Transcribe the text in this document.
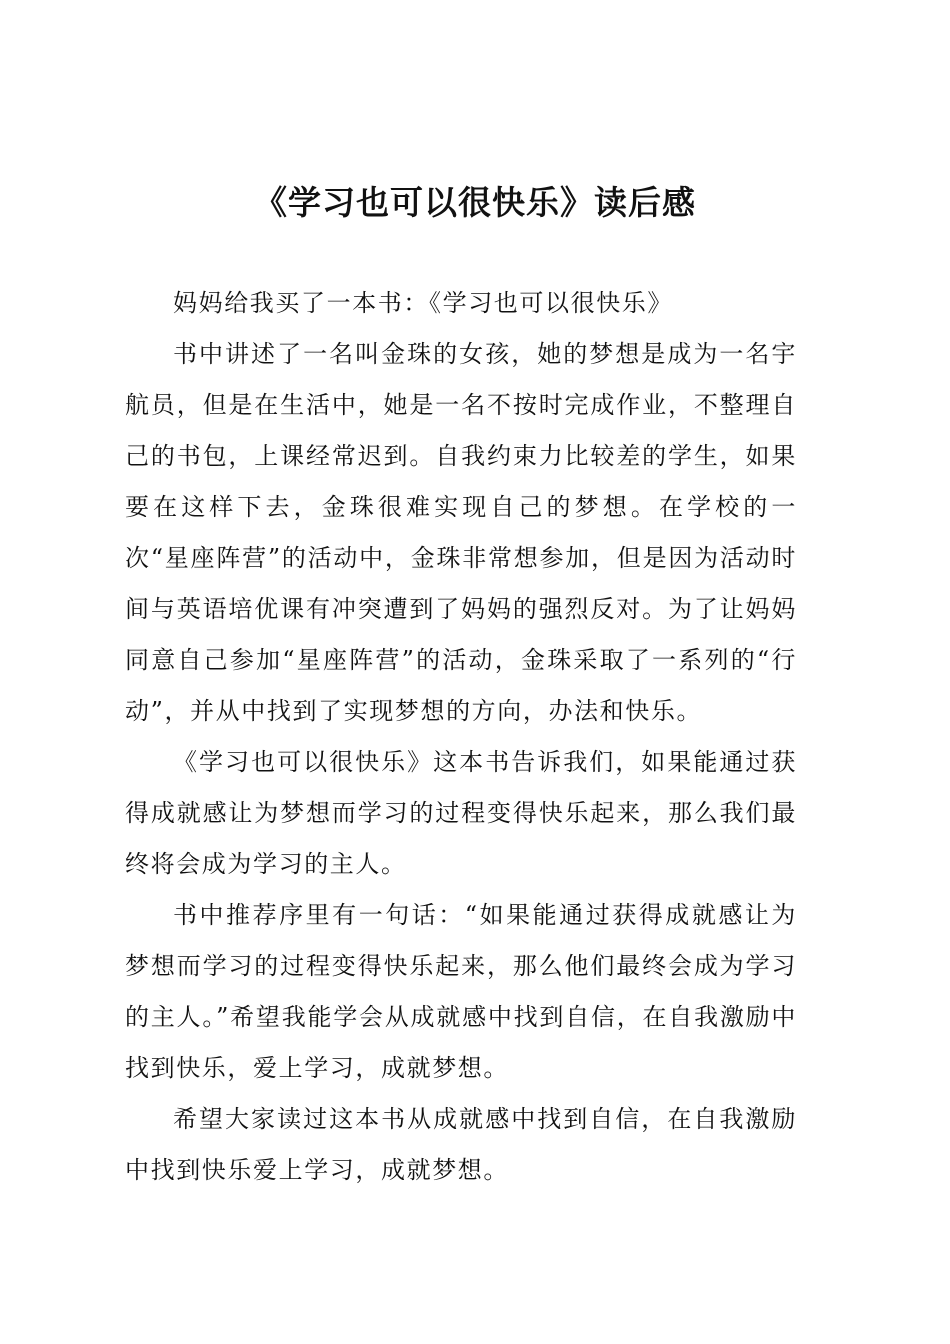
《学习也可以很快乐》读后感

妈妈给我买了一本书：《学习也可以很快乐》

书中讲述了一名叫金珠的女孩，她的梦想是成为一名宇航员，但是在生活中，她是一名不按时完成作业，不整理自己的书包，上课经常迟到。自我约束力比较差的学生，如果要在这样下去，金珠很难实现自己的梦想。在学校的一次“星座阵营”的活动中，金珠非常想参加，但是因为活动时间与英语培优课有冲突遭到了妈妈的强烈反对。为了让妈妈同意自己参加“星座阵营”的活动，金珠采取了一系列的“行动”，并从中找到了实现梦想的方向，办法和快乐。

《学习也可以很快乐》这本书告诉我们，如果能通过获得成就感让为梦想而学习的过程变得快乐起来，那么我们最终将会成为学习的主人。

书中推荐序里有一句话：“如果能通过获得成就感让为梦想而学习的过程变得快乐起来，那么他们最终会成为学习的主人。”希望我能学会从成就感中找到自信，在自我激励中找到快乐，爱上学习，成就梦想。

希望大家读过这本书从成就感中找到自信，在自我激励中找到快乐爱上学习，成就梦想。
